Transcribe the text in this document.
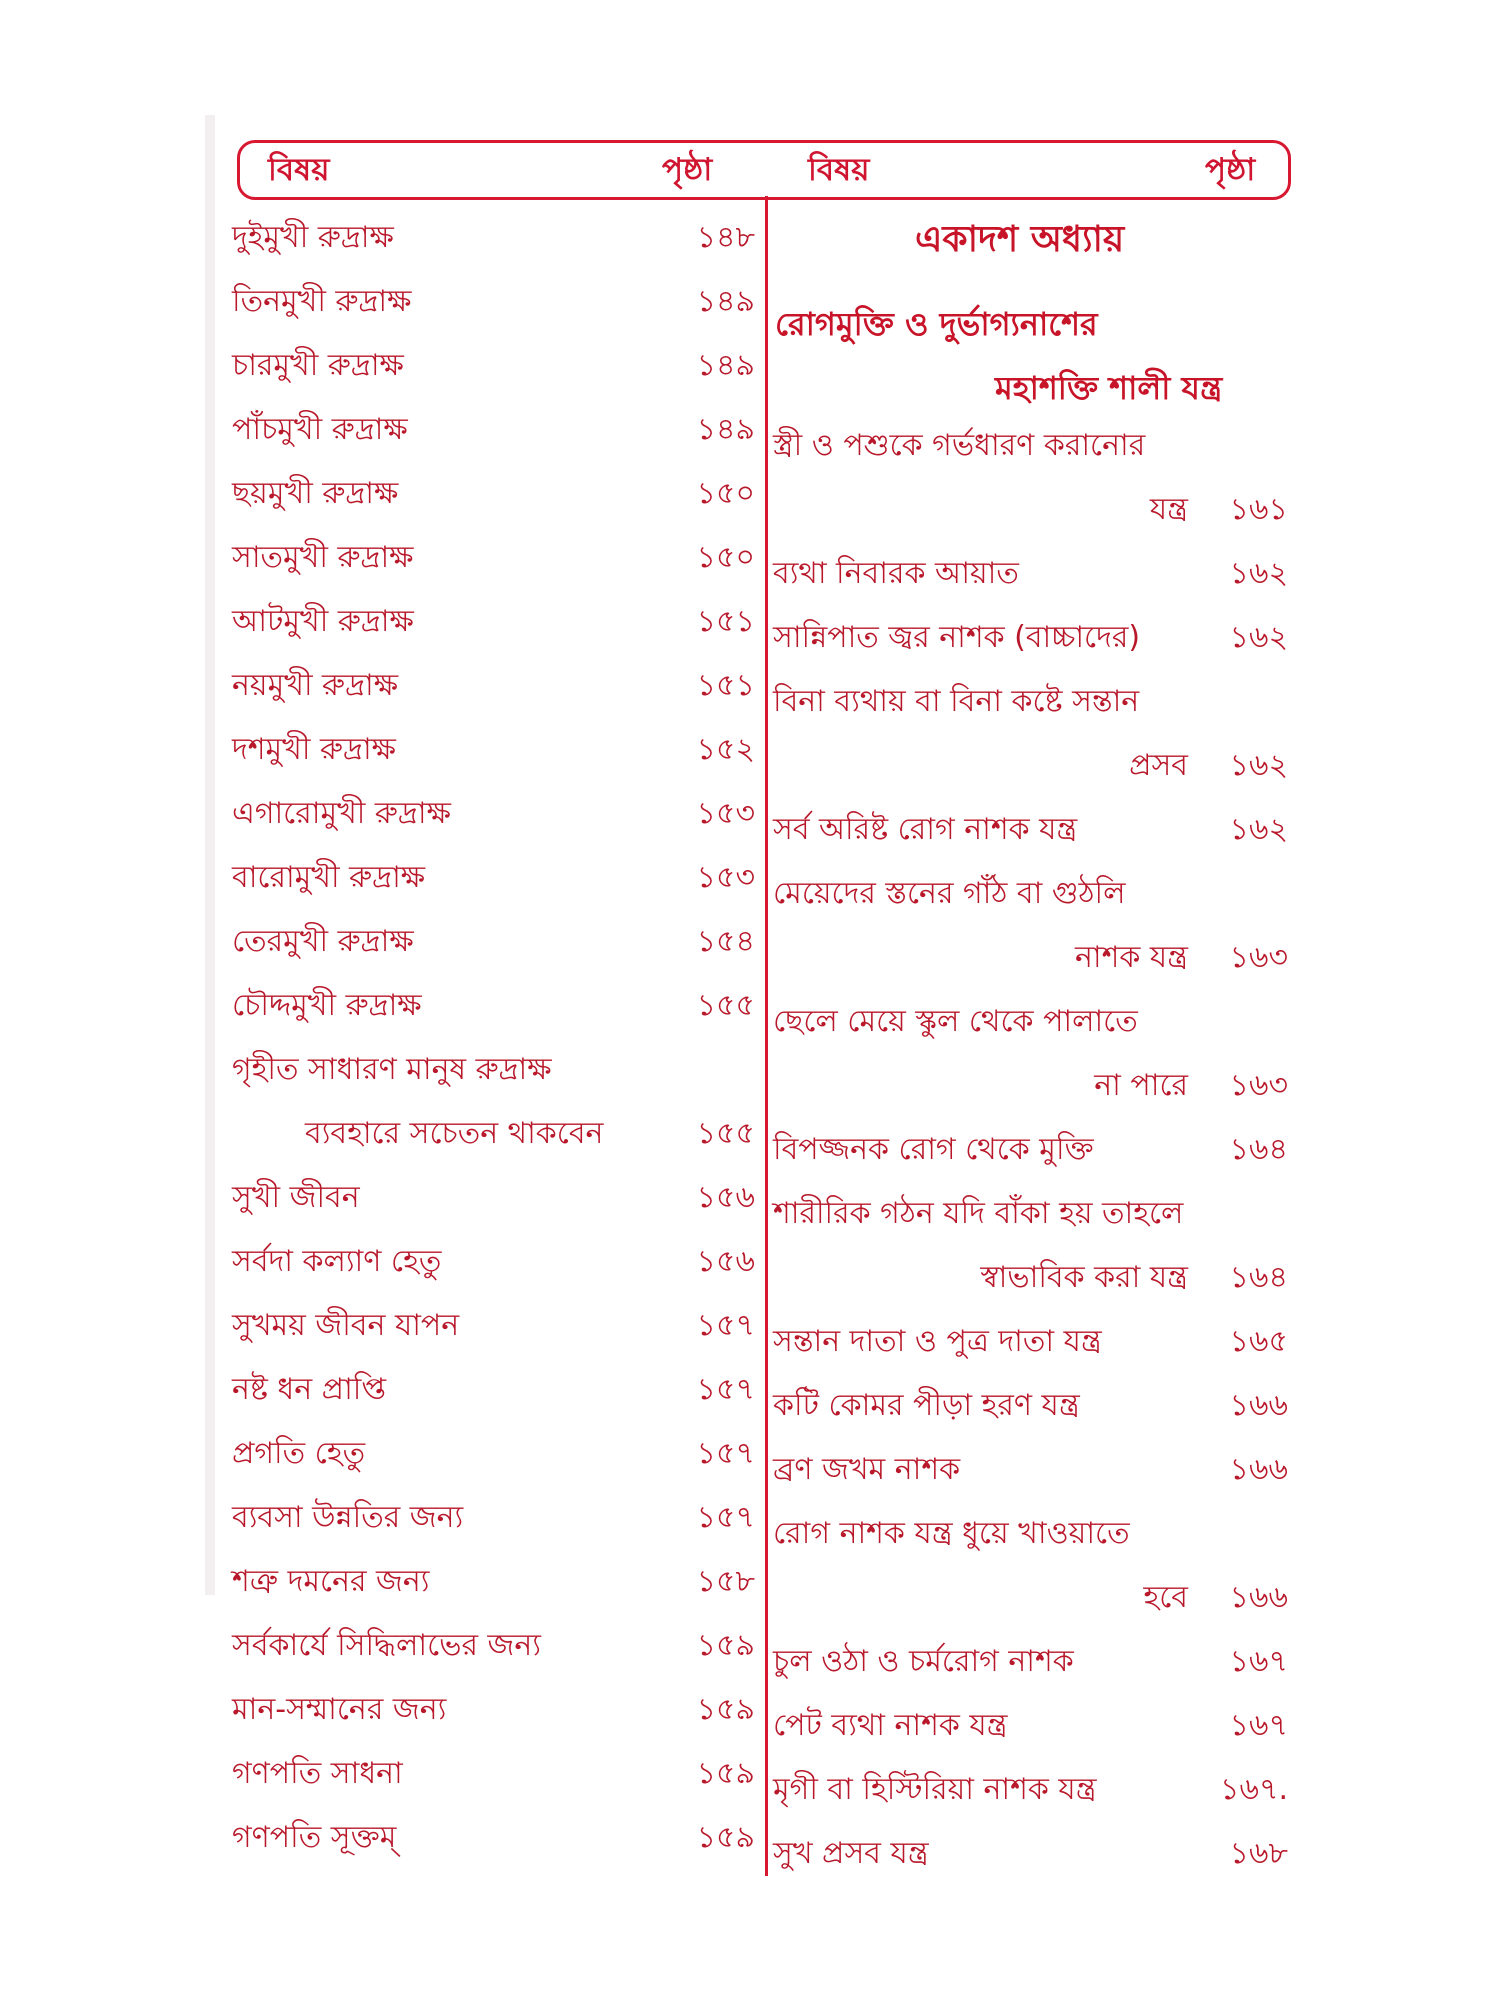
বিষয়	পৃষ্ঠা	বিষয়	পৃষ্ঠা
দুইমুখী রুদ্রাক্ষ	১৪৮
তিনমুখী রুদ্রাক্ষ	১৪৯
চারমুখী রুদ্রাক্ষ	১৪৯
পাঁচমুখী রুদ্রাক্ষ	১৪৯
ছয়মুখী রুদ্রাক্ষ	১৫০
সাতমুখী রুদ্রাক্ষ	১৫০
আটমুখী রুদ্রাক্ষ	১৫১
নয়মুখী রুদ্রাক্ষ	১৫১
দশমুখী রুদ্রাক্ষ	১৫২
এগারোমুখী রুদ্রাক্ষ	১৫৩
বারোমুখী রুদ্রাক্ষ	১৫৩
তেরমুখী রুদ্রাক্ষ	১৫৪
চৌদ্দমুখী রুদ্রাক্ষ	১৫৫
গৃহীত সাধারণ মানুষ রুদ্রাক্ষ
ব্যবহারে সচেতন থাকবেন	১৫৫
সুখী জীবন	১৫৬
সর্বদা কল্যাণ হেতু	১৫৬
সুখময় জীবন যাপন	১৫৭
নষ্ট ধন প্রাপ্তি	১৫৭
প্রগতি হেতু	১৫৭
ব্যবসা উন্নতির জন্য	১৫৭
শত্রু দমনের জন্য	১৫৮
সর্বকার্যে সিদ্ধিলাভের জন্য	১৫৯
মান-সম্মানের জন্য	১৫৯
গণপতি সাধনা	১৫৯
গণপতি সূক্তম্	১৫৯
একাদশ অধ্যায়
রোগমুক্তি ও দুর্ভাগ্যনাশের
মহাশক্তি শালী যন্ত্র
স্ত্রী ও পশুকে গর্ভধারণ করানোর
যন্ত্র	১৬১
ব্যথা নিবারক আয়াত	১৬২
সান্নিপাত জ্বর নাশক (বাচ্চাদের)	১৬২
বিনা ব্যথায় বা বিনা কষ্টে সন্তান
প্রসব	১৬২
সর্ব অরিষ্ট রোগ নাশক যন্ত্র	১৬২
মেয়েদের স্তনের গাঁঠ বা গুঠলি
নাশক যন্ত্র	১৬৩
ছেলে মেয়ে স্কুল থেকে পালাতে
না পারে	১৬৩
বিপজ্জনক রোগ থেকে মুক্তি	১৬৪
শারীরিক গঠন যদি বাঁকা হয় তাহলে
স্বাভাবিক করা যন্ত্র	১৬৪
সন্তান দাতা ও পুত্র দাতা যন্ত্র	১৬৫
কটি কোমর পীড়া হরণ যন্ত্র	১৬৬
ব্রণ জখম নাশক	১৬৬
রোগ নাশক যন্ত্র ধুয়ে খাওয়াতে
হবে	১৬৬
চুল ওঠা ও চর্মরোগ নাশক	১৬৭
পেট ব্যথা নাশক যন্ত্র	১৬৭
মৃগী বা হিস্টিরিয়া নাশক যন্ত্র	১৬৭.
সুখ প্রসব যন্ত্র	১৬৮
